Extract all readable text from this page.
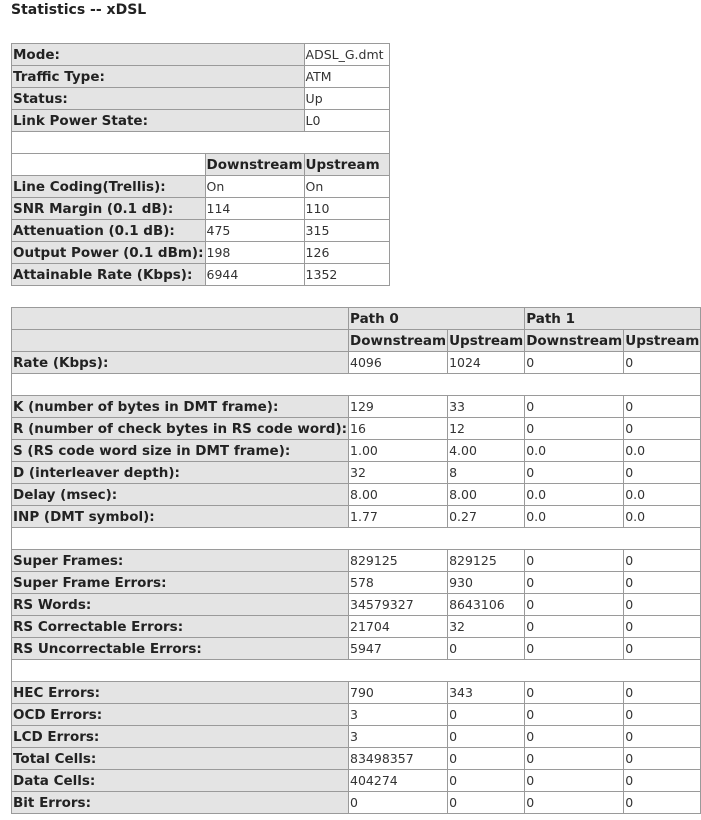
Statistics -- xDSL
Mode:		ADSL_G.dmt
Traffic Type:		ATM
Status:		Up
Link Power State:		L0

	Downstream	Upstream
Line Coding(Trellis):	On	On
SNR Margin (0.1 dB):	114	110
Attenuation (0.1 dB):	475	315
Output Power (0.1 dBm):	198	126
Attainable Rate (Kbps):	6944	1352
	Path 0		Path 1	
	Downstream	Upstream	Downstream	Upstream
Rate (Kbps):	4096	1024	0	0

K (number of bytes in DMT frame):	129	33	0	0
R (number of check bytes in RS code word):	16	12	0	0
S (RS code word size in DMT frame):	1.00	4.00	0.0	0.0
D (interleaver depth):	32	8	0	0
Delay (msec):	8.00	8.00	0.0	0.0
INP (DMT symbol):	1.77	0.27	0.0	0.0

Super Frames:	829125	829125	0	0
Super Frame Errors:	578	930	0	0
RS Words:	34579327	8643106	0	0
RS Correctable Errors:	21704	32	0	0
RS Uncorrectable Errors:	5947	0	0	0

HEC Errors:	790	343	0	0
OCD Errors:	3	0	0	0
LCD Errors:	3	0	0	0
Total Cells:	83498357	0	0	0
Data Cells:	404274	0	0	0
Bit Errors:	0	0	0	0
